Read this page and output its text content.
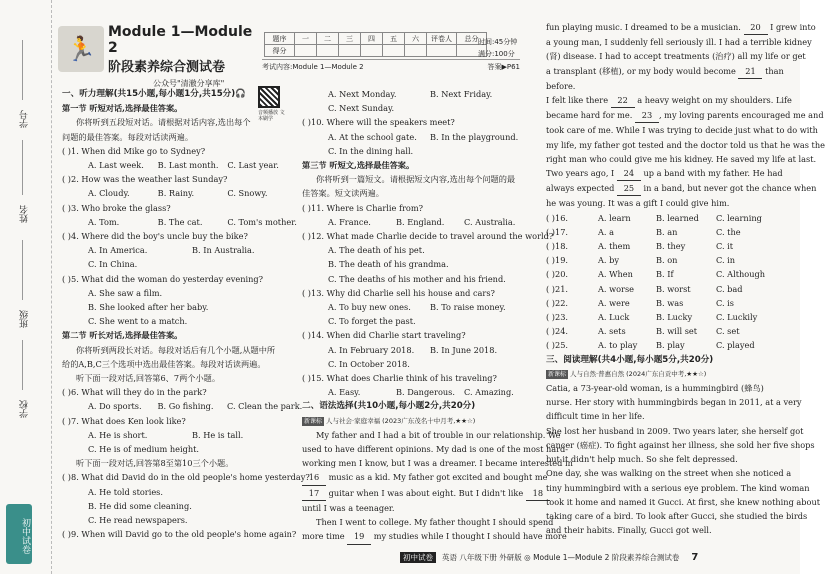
学号
姓名
班级
学校
初中试卷
🏃
Module 1—Module 2
阶段素养综合测试卷
公众号"清澈分享库"
题序	一	二	三	四	五	六	评卷人	总分
得分								
时间:45分钟
满分:100分
考试内容:Module 1—Module 2	答案▶P61
音频播放 文本刷学

一、听力理解(共15小题,每小题1分,共15分)🎧

第一节 听短对话,选择最佳答案。

你将听到五段短对话。请根据对话内容,选出每个

问题的最佳答案。每段对话读两遍。

( )1. When did Mike go to Sydney?

A. Last week.	B. Last month.	C. Last year.

( )2. How was the weather last Sunday?

A. Cloudy.	B. Rainy.	C. Snowy.

( )3. Who broke the glass?

A. Tom.	B. The cat.	C. Tom's mother.

( )4. Where did the boy's uncle buy the bike?

A. In America.	B. In Australia.

C. In China.

( )5. What did the woman do yesterday evening?

A. She saw a film.

B. She looked after her baby.

C. She went to a match.

第二节 听长对话,选择最佳答案。

你将听到两段长对话。每段对话后有几个小题,从题中所

给的A,B,C三个选项中选出最佳答案。每段对话读两遍。

听下面一段对话,回答第6、7两个小题。

( )6. What will they do in the park?

A. Do sports.	B. Go fishing.	C. Clean the park.

( )7. What does Ken look like?

A. He is short.	B. He is tall.

C. He is of medium height.

听下面一段对话,回答第8至第10三个小题。

( )8. What did David do in the old people's home yesterday?

A. He told stories.

B. He did some cleaning.

C. He read newspapers.

( )9. When will David go to the old people's home again?

A. Next Monday.	B. Next Friday.

C. Next Sunday.

( )10. Where will the speakers meet?

A. At the school gate.	B. In the playground.

C. In the dining hall.

第三节 听短文,选择最佳答案。

你将听到一篇短文。请根据短文内容,选出每个问题的最

佳答案。短文读两遍。

( )11. Where is Charlie from?

A. France.	B. England.	C. Australia.

( )12. What made Charlie decide to travel around the world?

A. The death of his pet.

B. The death of his grandma.

C. The deaths of his mother and his friend.

( )13. Why did Charlie sell his house and cars?

A. To buy new ones.	B. To raise money.

C. To forget the past.

( )14. When did Charlie start traveling?

A. In February 2018.	B. In June 2018.

C. In October 2018.

( )15. What does Charlie think of his traveling?

A. Easy.	B. Dangerous.	C. Amazing.

二、语法选择(共10小题,每小题2分,共20分)

新课标 人与社会·家庭幸福 (2023广东茂名十中月考,★★☆)

My father and I had a bit of trouble in our relationship. We

used to have different opinions. My dad is one of the most hard-

working men I know, but I was a dreamer. I became interested in

16 music as a kid. My father got excited and bought me

17 guitar when I was about eight. But I didn't like 18

until I was a teenager.

Then I went to college. My father thought I should spend

more time 19 my studies while I thought I should have more

fun playing music. I dreamed to be a musician. 20 I grew into

a young man, I suddenly fell seriously ill. I had a terrible kidney

(肾) disease. I had to accept treatments (治疗) all my life or get

a transplant (移植), or my body would become 21 than

before.

I felt like there 22 a heavy weight on my shoulders. Life

became hard for me. 23 , my loving parents encouraged me and

took care of me. While I was trying to decide just what to do with

my life, my father got tested and the doctor told us that he was the

right man who could give me his kidney. He saved my life at last.

Two years ago, I 24 up a band with my father. He had

always expected 25 in a band, but never got the chance when

he was young. It was a gift I could give him.

( )16.	A. learn	B. learned	C. learning

( )17.	A. a	B. an	C. the

( )18.	A. them	B. they	C. it

( )19.	A. by	B. on	C. in

( )20.	A. When	B. If	C. Although

( )21.	A. worse	B. worst	C. bad

( )22.	A. were	B. was	C. is

( )23.	A. Luck	B. Lucky	C. Luckily

( )24.	A. sets	B. will set	C. set

( )25.	A. to play	B. play	C. played

三、阅读理解(共4小题,每小题5分,共20分)

新课标 人与自然·普惠自然 (2024广东自贡中考,★★☆)

Catia, a 73-year-old woman, is a hummingbird (蜂鸟)

nurse. Her story with hummingbirds began in 2011, at a very

difficult time in her life.

She lost her husband in 2009. Two years later, she herself got

cancer (癌症). To fight against her illness, she sold her five shops

but it didn't help much. So she felt depressed.

One day, she was walking on the street when she noticed a

tiny hummingbird with a serious eye problem. The kind woman

took it home and named it Gucci. At first, she knew nothing about

taking care of a bird. To look after Gucci, she studied the birds

and their habits. Finally, Gucci got well.

初中试卷	英语 八年级下册 外研版 ◎ Module 1—Module 2 阶段素养综合测试卷 7
